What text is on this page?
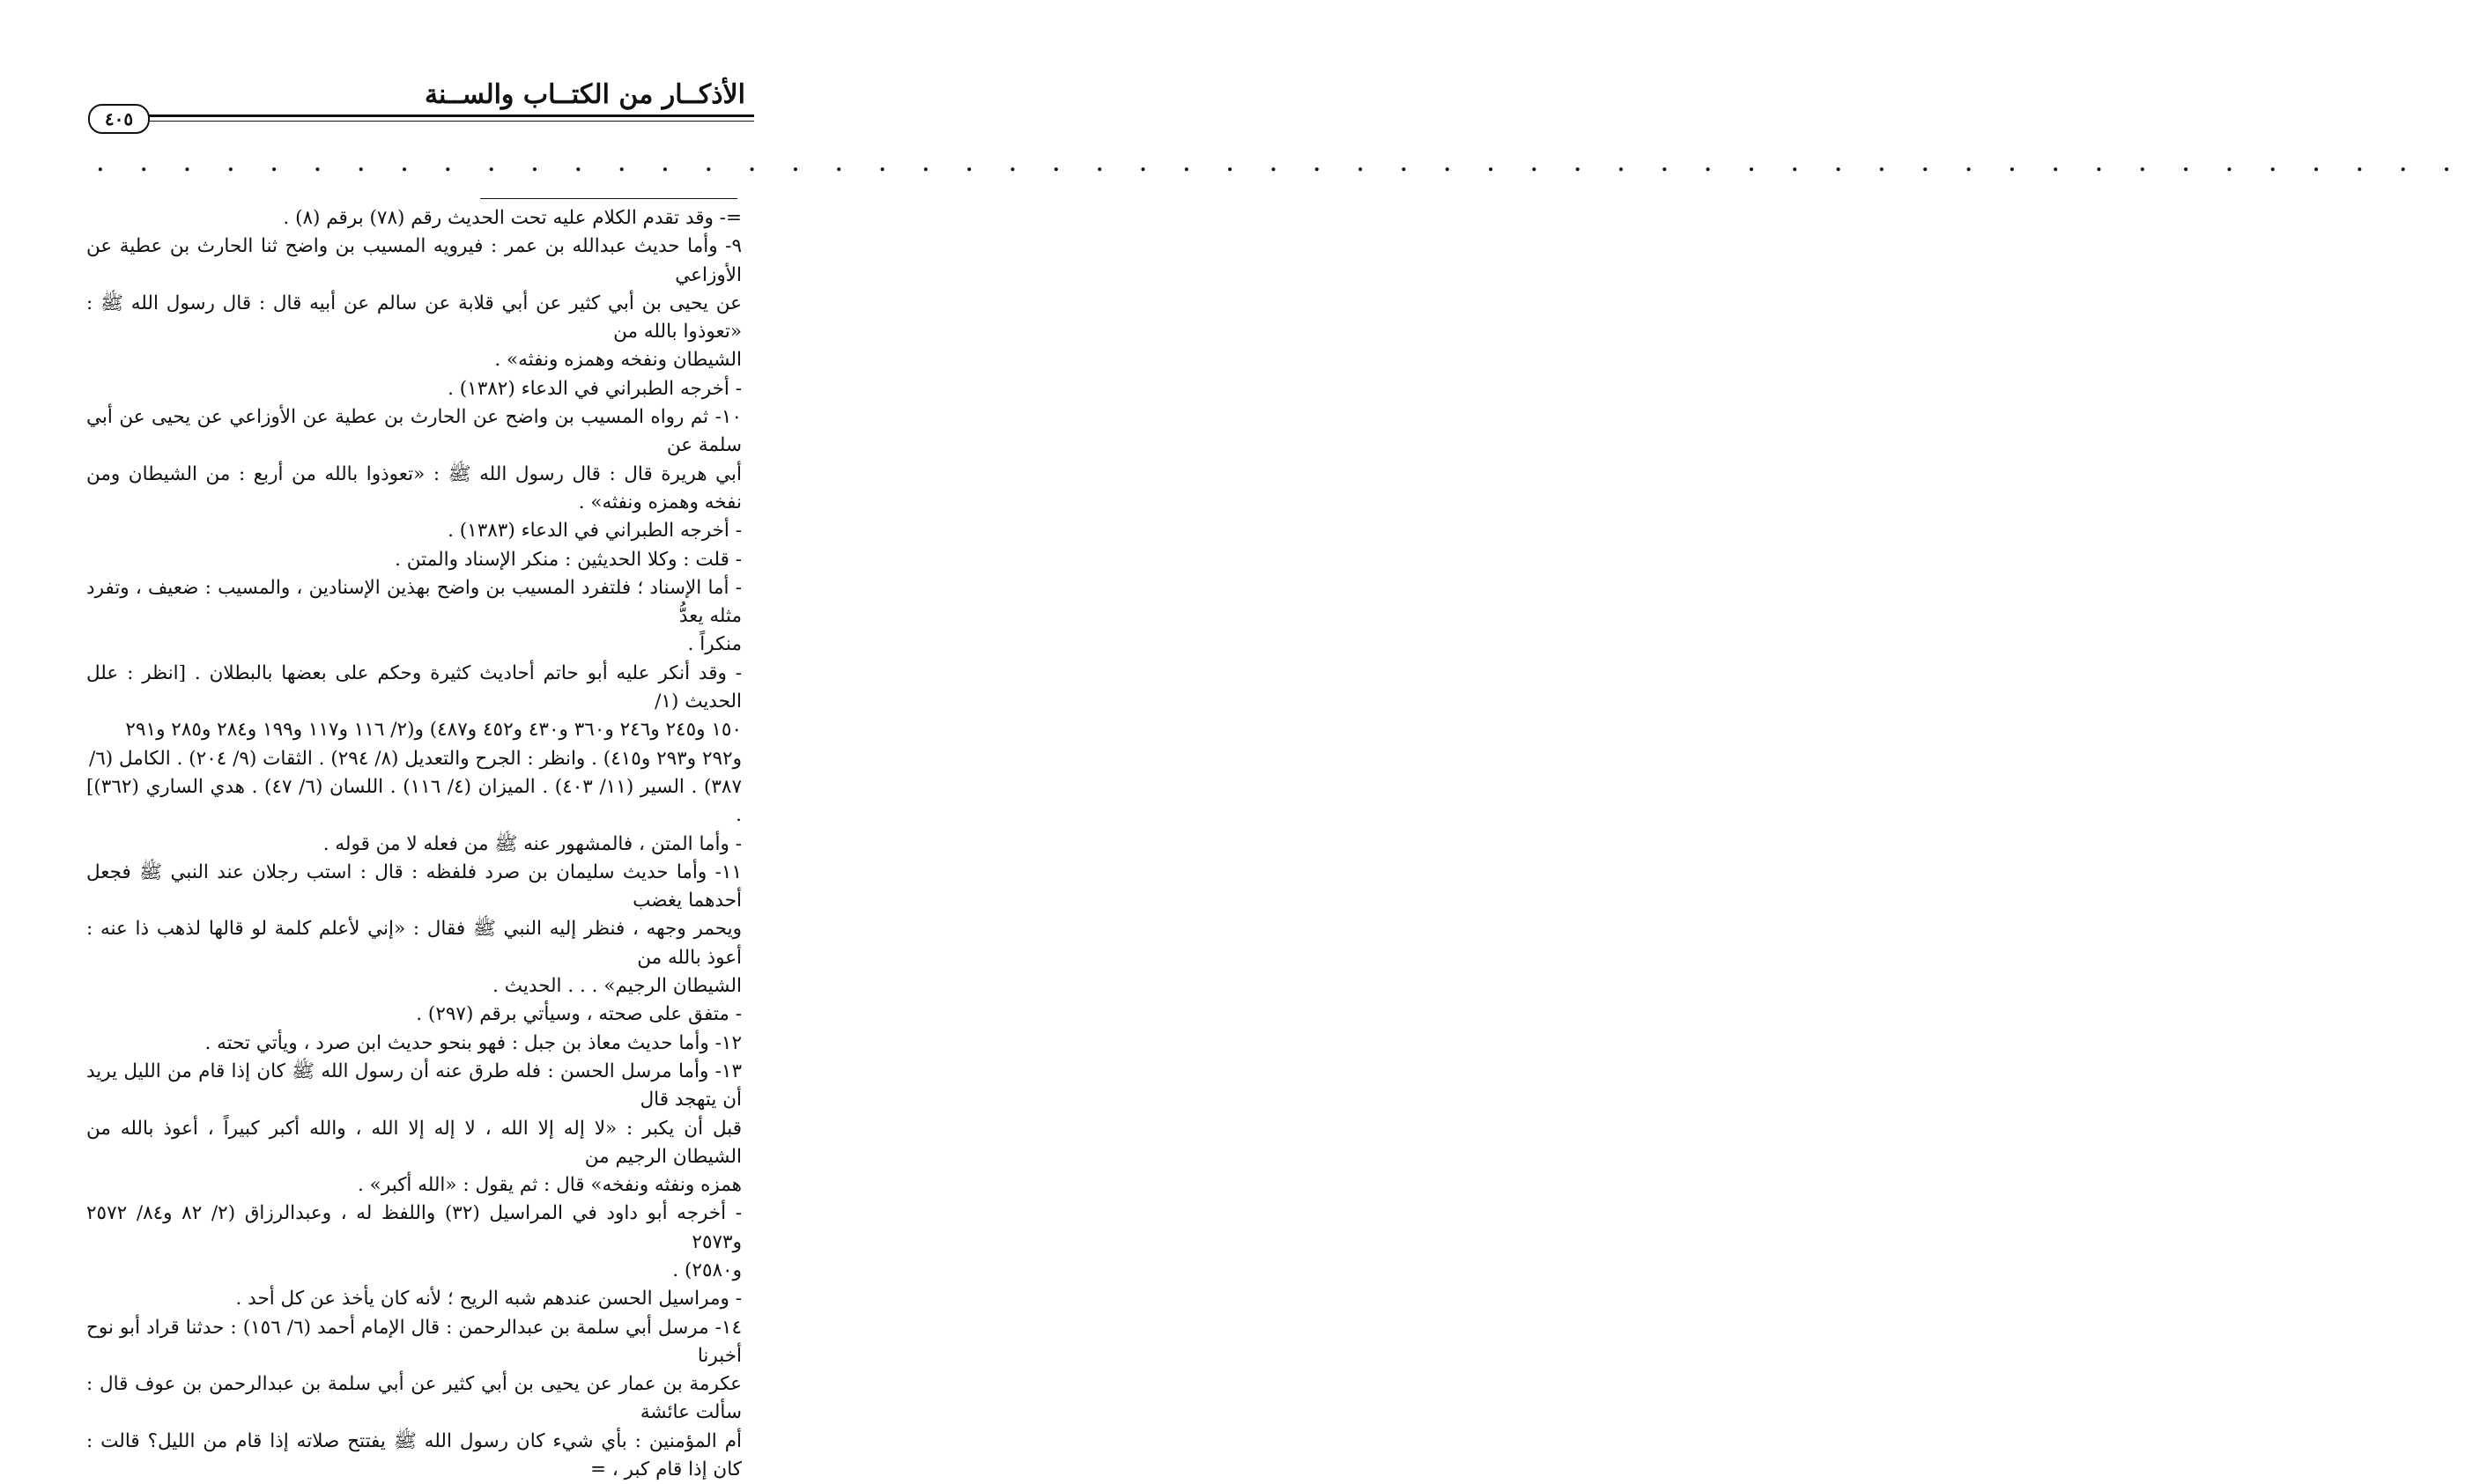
الأذكــار من الكتــاب والســنة
٤٠٥
. . . . . . . . . . . . . . . . . . . . . . . . . . . . . . . . . . . . . . . . . . . . . . . . . . . . . . .

=- وقد تقدم الكلام عليه تحت الحديث رقم (٧٨) برقم (٨) .

٩- وأما حديث عبدالله بن عمر : فيرويه المسيب بن واضح ثنا الحارث بن عطية عن الأوزاعي

عن يحيى بن أبي كثير عن أبي قلابة عن سالم عن أبيه قال : قال رسول الله ﷺ : «تعوذوا بالله من

الشيطان ونفخه وهمزه ونفثه» .

- أخرجه الطبراني في الدعاء (١٣٨٢) .

١٠- ثم رواه المسيب بن واضح عن الحارث بن عطية عن الأوزاعي عن يحيى عن أبي سلمة عن

أبي هريرة قال : قال رسول الله ﷺ : «تعوذوا بالله من أربع : من الشيطان ومن نفخه وهمزه ونفثه» .

- أخرجه الطبراني في الدعاء (١٣٨٣) .

- قلت : وكلا الحديثين : منكر الإسناد والمتن .

- أما الإسناد ؛ فلتفرد المسيب بن واضح بهذين الإسنادين ، والمسيب : ضعيف ، وتفرد مثله يعدُّ

منكراً .

- وقد أنكر عليه أبو حاتم أحاديث كثيرة وحكم على بعضها بالبطلان . [انظر : علل الحديث (١/

١٥٠ و٢٤٥ و٢٤٦ و٣٦٠ و٤٣٠ و٤٥٢ و٤٨٧) و(٢/ ١١٦ و١١٧ و١٩٩ و٢٨٤ و٢٨٥ و٢٩١

و٢٩٢ و٢٩٣ و٤١٥) . وانظر : الجرح والتعديل (٨/ ٢٩٤) . الثقات (٩/ ٢٠٤) . الكامل (٦/

٣٨٧) . السير (١١/ ٤٠٣) . الميزان (٤/ ١١٦) . اللسان (٦/ ٤٧) . هدي الساري (٣٦٢)] .

- وأما المتن ، فالمشهور عنه ﷺ من فعله لا من قوله .

١١- وأما حديث سليمان بن صرد فلفظه : قال : استب رجلان عند النبي ﷺ فجعل أحدهما يغضب

ويحمر وجهه ، فنظر إليه النبي ﷺ فقال : «إني لأعلم كلمة لو قالها لذهب ذا عنه : أعوذ بالله من

الشيطان الرجيم» . . . الحديث .

- متفق على صحته ، وسيأتي برقم (٢٩٧) .

١٢- وأما حديث معاذ بن جبل : فهو بنحو حديث ابن صرد ، ويأتي تحته .

١٣- وأما مرسل الحسن : فله طرق عنه أن رسول الله ﷺ كان إذا قام من الليل يريد أن يتهجد قال

قبل أن يكبر : «لا إله إلا الله ، لا إله إلا الله ، والله أكبر كبيراً ، أعوذ بالله من الشيطان الرجيم من

همزه ونفثه ونفخه» قال : ثم يقول : «الله أكبر» .

- أخرجه أبو داود في المراسيل (٣٢) واللفظ له ، وعبدالرزاق (٢/ ٨٢ و٨٤/ ٢٥٧٢ و٢٥٧٣

و٢٥٨٠) .

- ومراسيل الحسن عندهم شبه الريح ؛ لأنه كان يأخذ عن كل أحد .

١٤- مرسل أبي سلمة بن عبدالرحمن : قال الإمام أحمد (٦/ ١٥٦) : حدثنا قراد أبو نوح أخبرنا

عكرمة بن عمار عن يحيى بن أبي كثير عن أبي سلمة بن عبدالرحمن بن عوف قال : سألت عائشة

أم المؤمنين : بأي شيء كان رسول الله ﷺ يفتتح صلاته إذا قام من الليل؟ قالت : كان إذا قام كبر ، =
